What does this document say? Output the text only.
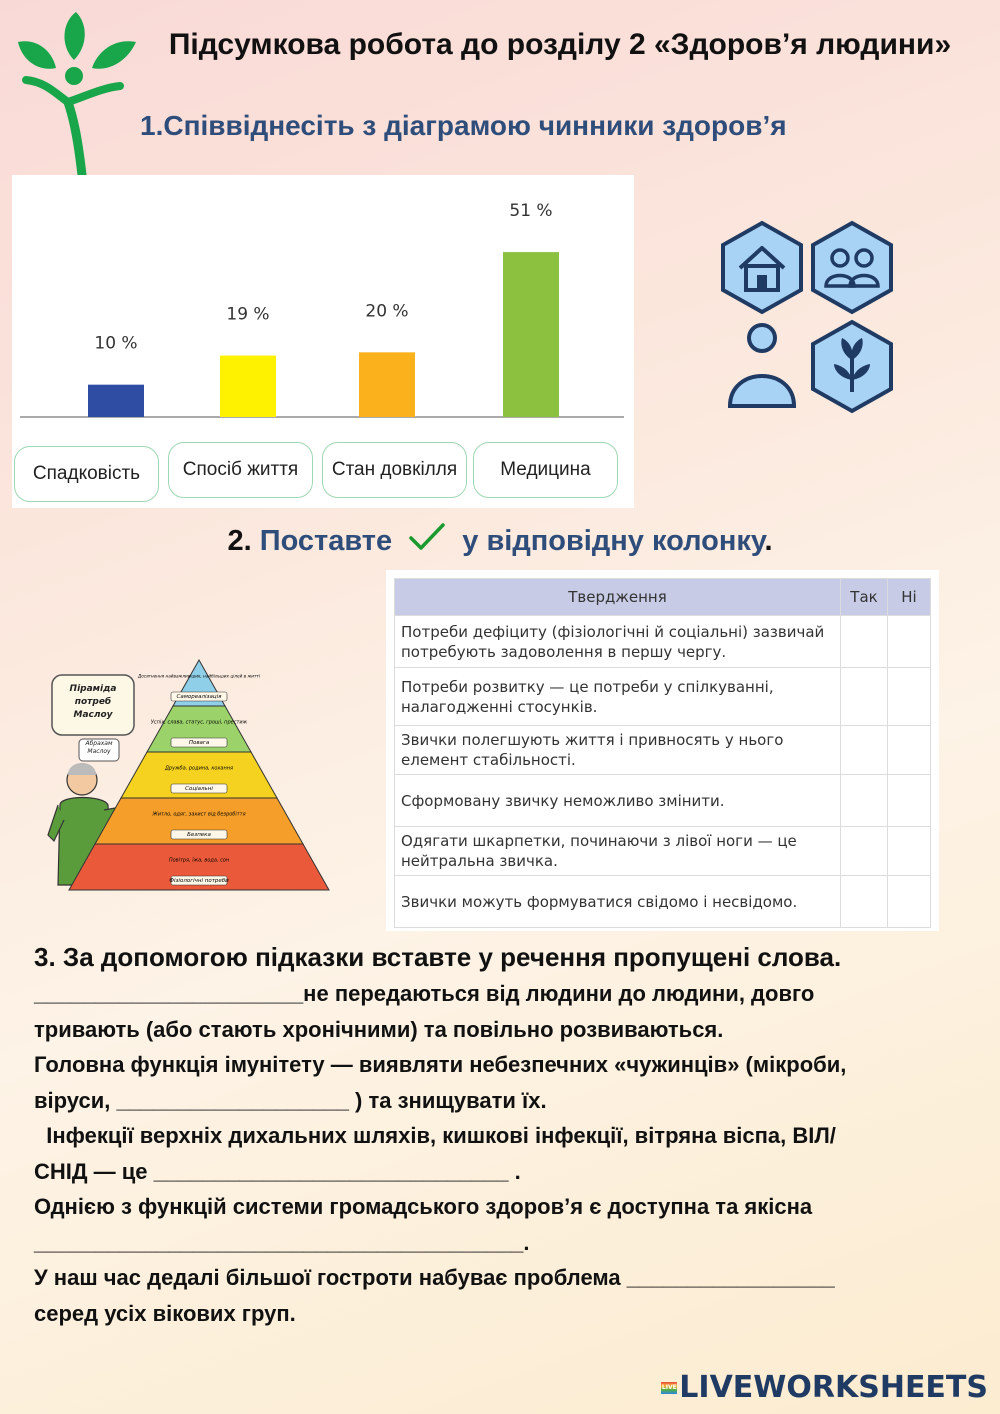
Підсумкова робота до розділу 2 «Здоров’я людини»
1.Співвіднесіть з діаграмою чинники здоров’я
10 %
19 %	20 %
51 %
Спадковість	Спосіб життя	Стан довкілля	Медицина
2. Поставте у відповідну колонку.
Піраміда потреб Маслоу
Абрахам Маслоу
Досягнення найважливіших, найбільших цілей в житті
Самореалізація
Успіх, слава, статус, гроші, престиж
Повага
Дружба, родина, кохання
Соціальні
Житло, одяг, захист від безробіття
Безпека
Повітря, їжа, вода, сон
Фізіологічні потреби
Твердження	Так	Ні
Потреби дефіциту (фізіологічні й соціальні) зазвичай потребують задоволення в першу чергу.		
Потреби розвитку — це потреби у спілкуванні, налагодженні стосунків.		
Звички полегшують життя і привносять у нього елемент стабільності.		
Сформовану звичку неможливо змінити.		
Одягати шкарпетки, починаючи з лівої ноги — це нейтральна звичка.		
Звички можуть формуватися свідомо і несвідомо.		
3. За допомогою підказки вставте у речення пропущені слова.
______________________не передаються від людини до людини, довго
тривають (або стають хронічними) та повільно розвиваються.
Головна функція імунітету — виявляти небезпечних «чужинців» (мікроби,
віруси, ___________________ ) та знищувати їх.
Інфекції верхніх дихальних шляхів, кишкові інфекції, вітряна віспа, ВІЛ/
СНІД — це _____________________________ .
Однією з функцій системи громадського здоров’я є доступна та якісна
________________________________________.
У наш час дедалі більшої гостроти набуває проблема _________________
серед усіх вікових груп.
LIVE LIVEWORKSHEETS
